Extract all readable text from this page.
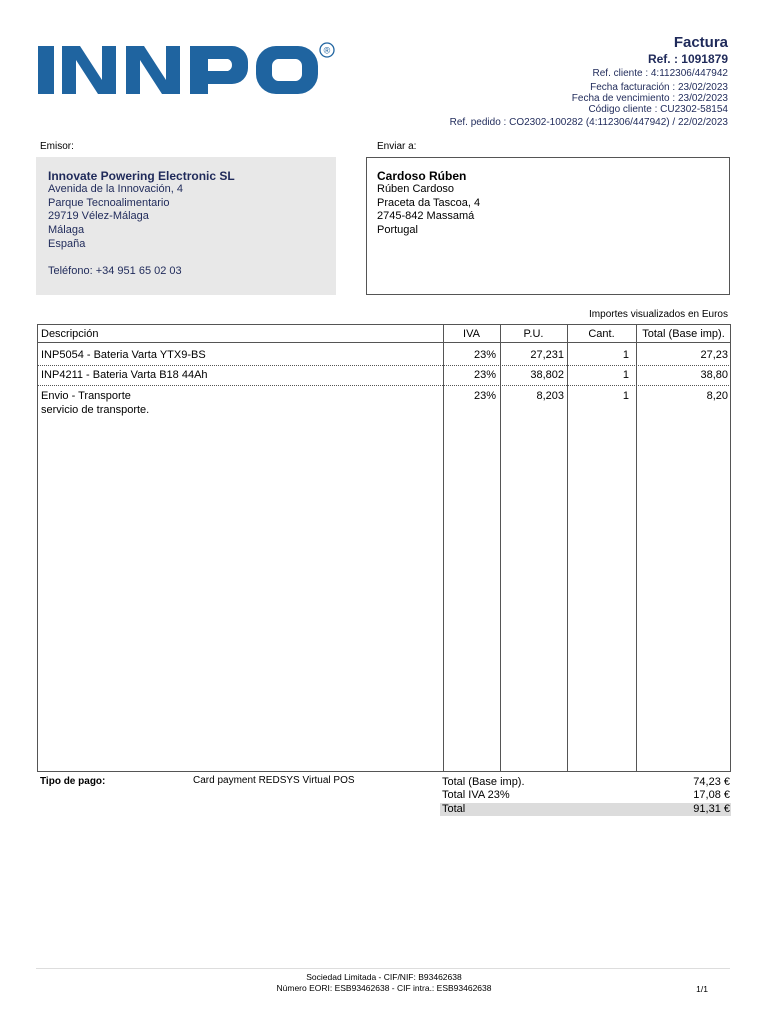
®
INNPO	Factura
Ref. : 1091879
Ref. cliente : 4:112306/447942
Fecha facturación : 23/02/2023
Fecha de vencimiento : 23/02/2023
Código cliente : CU2302-58154
Ref. pedido : CO2302-100282 (4:112306/447942) / 22/02/2023
Emisor:	Enviar a:
Innovate Powering Electronic SL
Avenida de la Innovación, 4
Parque Tecnoalimentario
29719 Vélez-Málaga
Málaga
España
Teléfono: +34 951 65 02 03
Cardoso Rúben
Rúben Cardoso
Praceta da Tascoa, 4
2745-842 Massamá
Portugal
Importes visualizados en Euros
Descripción	IVA	P.U.	Cant.	Total (Base imp).
INP5054 - Bateria Varta YTX9-BS	23%	27,231	1	27,23
INP4211 - Bateria Varta B18 44Ah	23%	38,802	1	38,80
Envio - Transporte
servicio de transporte.
23%	8,203	1	8,20
Tipo de pago:	Card payment REDSYS Virtual POS	Total (Base imp).	74,23 €
Total IVA 23%	17,08 €
Total	91,31 €
Sociedad Limitada - CIF/NIF: B93462638
Número EORI: ESB93462638 - CIF intra.: ESB93462638	1/1
